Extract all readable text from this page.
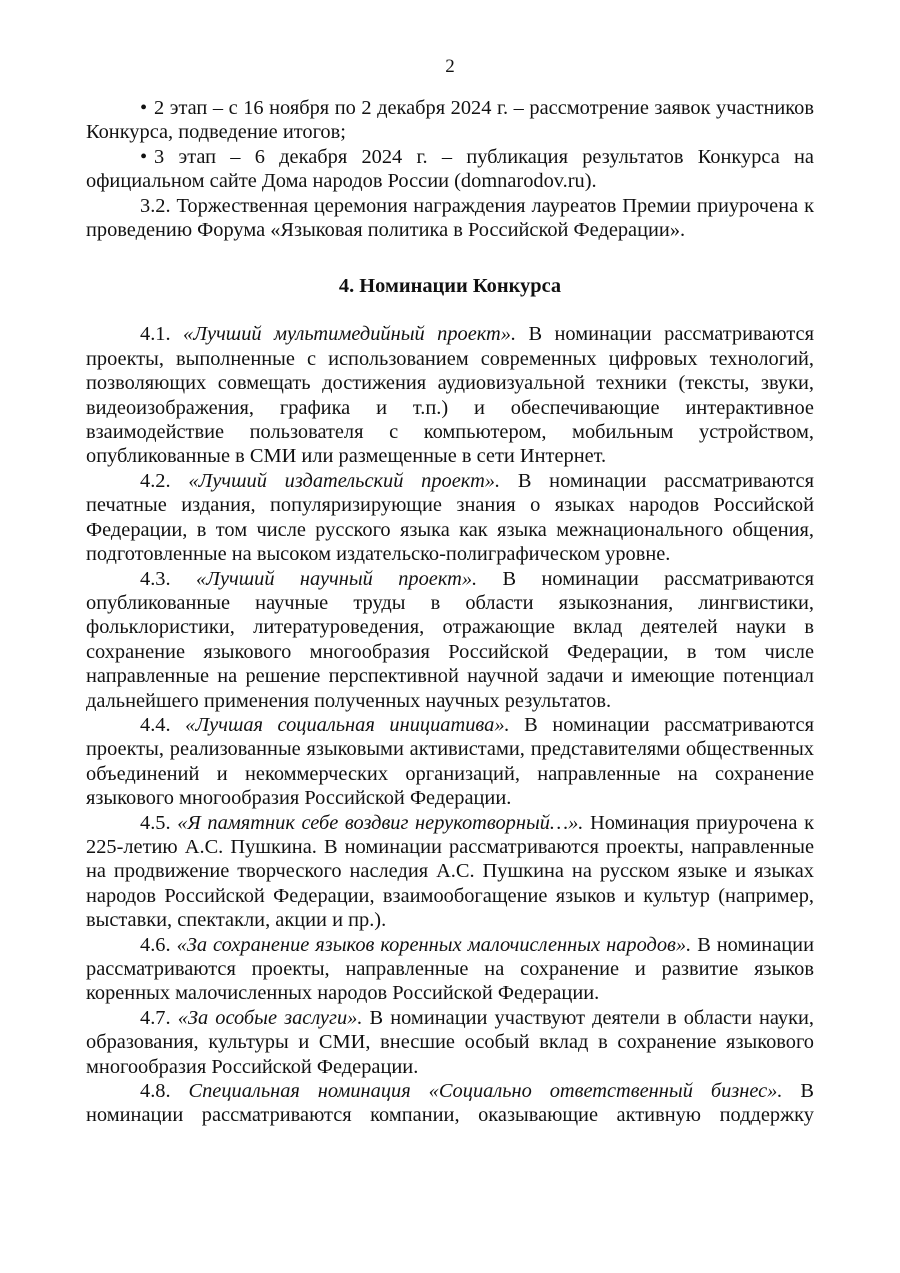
2

• 2 этап – с 16 ноября по 2 декабря 2024 г. – рассмотрение заявок участников Конкурса, подведение итогов;

• 3 этап – 6 декабря 2024 г. – публикация результатов Конкурса на официальном сайте Дома народов России (domnarodov.ru).

3.2. Торжественная церемония награждения лауреатов Премии приурочена к проведению Форума «Языковая политика в Российской Федерации».

4. Номинации Конкурса

4.1. «Лучший мультимедийный проект». В номинации рассматриваются проекты, выполненные с использованием современных цифровых технологий, позволяющих совмещать достижения аудиовизуальной техники (тексты, звуки, видеоизображения, графика и т.п.) и обеспечивающие интерактивное взаимодействие пользователя с компьютером, мобильным устройством, опубликованные в СМИ или размещенные в сети Интернет.

4.2. «Лучший издательский проект». В номинации рассматриваются печатные издания, популяризирующие знания о языках народов Российской Федерации, в том числе русского языка как языка межнационального общения, подготовленные на высоком издательско-полиграфическом уровне.

4.3. «Лучший научный проект». В номинации рассматриваются опубликованные научные труды в области языкознания, лингвистики, фольклористики, литературоведения, отражающие вклад деятелей науки в сохранение языкового многообразия Российской Федерации, в том числе направленные на решение перспективной научной задачи и имеющие потенциал дальнейшего применения полученных научных результатов.

4.4. «Лучшая социальная инициатива». В номинации рассматриваются проекты, реализованные языковыми активистами, представителями общественных объединений и некоммерческих организаций, направленные на сохранение языкового многообразия Российской Федерации.

4.5. «Я памятник себе воздвиг нерукотворный…». Номинация приурочена к 225-летию А.С. Пушкина. В номинации рассматриваются проекты, направленные на продвижение творческого наследия А.С. Пушкина на русском языке и языках народов Российской Федерации, взаимообогащение языков и культур (например, выставки, спектакли, акции и пр.).

4.6. «За сохранение языков коренных малочисленных народов». В номинации рассматриваются проекты, направленные на сохранение и развитие языков коренных малочисленных народов Российской Федерации.

4.7. «За особые заслуги». В номинации участвуют деятели в области науки, образования, культуры и СМИ, внесшие особый вклад в сохранение языкового многообразия Российской Федерации.

4.8. Специальная номинация «Социально ответственный бизнес». В номинации рассматриваются компании, оказывающие активную поддержку
